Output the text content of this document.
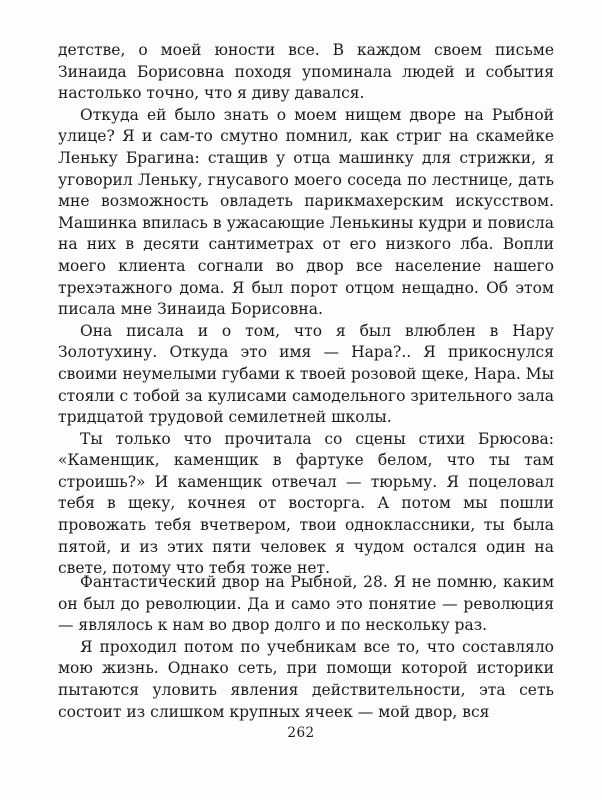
детстве, о моей юности все. В каждом своем письме Зинаида Борисовна походя упоминала людей и события настолько точно, что я диву давался.

Откуда ей было знать о моем нищем дворе на Рыбной улице? Я и сам-то смутно помнил, как стриг на скамейке Леньку Брагина: стащив у отца машинку для стрижки, я уговорил Леньку, гнусавого моего соседа по лестнице, дать мне возможность овладеть парикмахерским искусством. Машинка впилась в ужасающие Ленькины кудри и повисла на них в десяти сантиметрах от его низкого лба. Вопли моего клиента согнали во двор все население нашего трехэтажного дома. Я был порот отцом нещадно. Об этом писала мне Зинаида Борисовна.

Она писала и о том, что я был влюблен в Нару Золотухину. Откуда это имя — Нара?.. Я прикоснулся своими неумелыми губами к твоей розовой щеке, Нара. Мы стояли с тобой за кулисами самодельного зрительного зала тридцатой трудовой семилетней школы.

Ты только что прочитала со сцены стихи Брюсова: «Каменщик, каменщик в фартуке белом, что ты там строишь?» И каменщик отвечал — тюрьму. Я поцеловал тебя в щеку, кочнея от восторга. А потом мы пошли провожать тебя вчетвером, твои одноклассники, ты была пятой, и из этих пяти человек я чудом остался один на свете, потому что тебя тоже нет.

Фантастический двор на Рыбной, 28. Я не помню, каким он был до революции. Да и само это понятие — революция — являлось к нам во двор долго и по нескольку раз.

Я проходил потом по учебникам все то, что составляло мою жизнь. Однако сеть, при помощи которой историки пытаются уловить явления действительности, эта сеть состоит из слишком крупных ячеек — мой двор, вся

262
